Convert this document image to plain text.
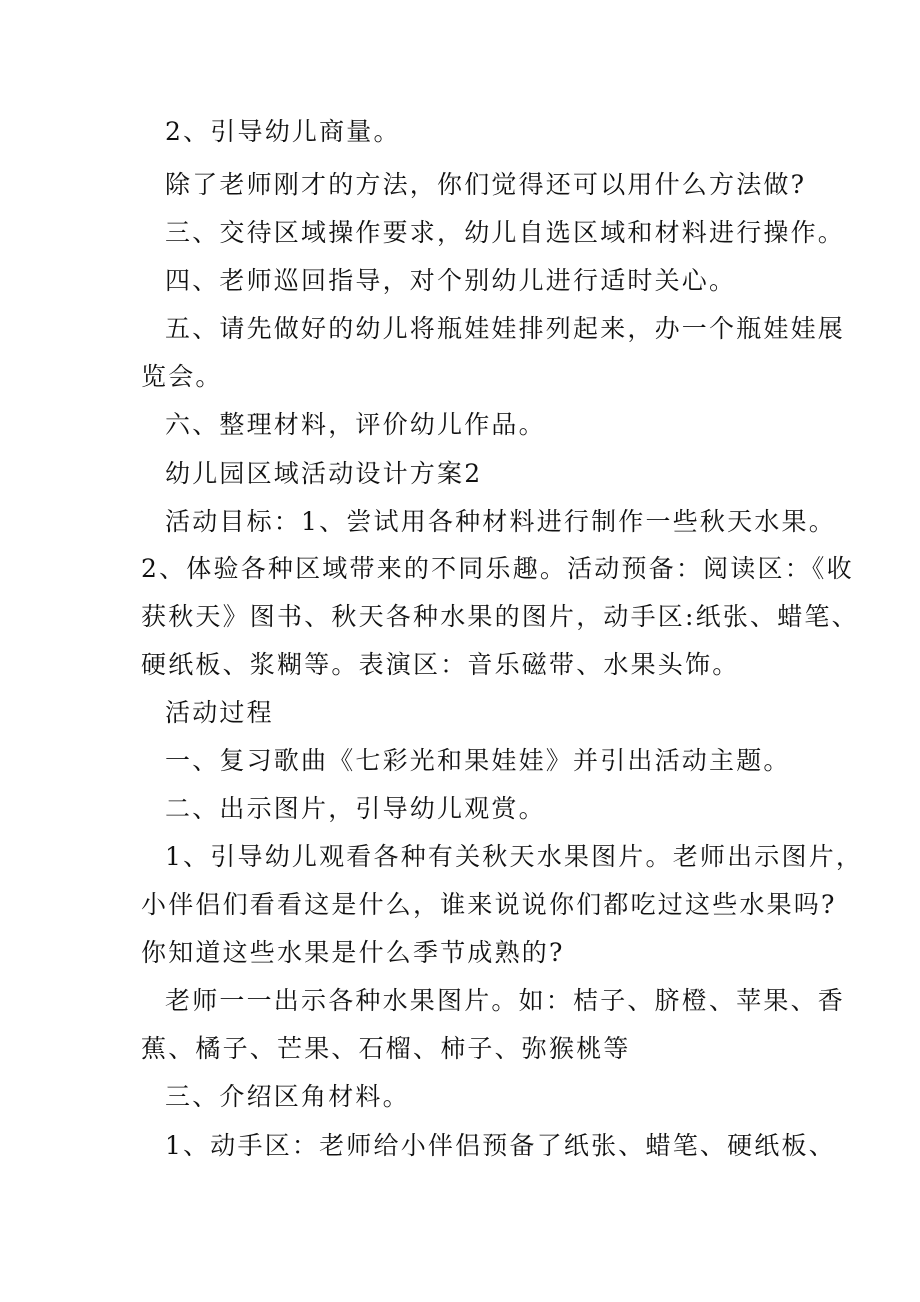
2、引导幼儿商量。
除了老师刚才的方法，你们觉得还可以用什么方法做?
三、交待区域操作要求，幼儿自选区域和材料进行操作。
四、老师巡回指导，对个别幼儿进行适时关心。
五、请先做好的幼儿将瓶娃娃排列起来，办一个瓶娃娃展
览会。
六、整理材料，评价幼儿作品。
幼儿园区域活动设计方案2
活动目标：1、尝试用各种材料进行制作一些秋天水果。
2、体验各种区域带来的不同乐趣。活动预备：阅读区：《收
获秋天》图书、秋天各种水果的图片，动手区:纸张、蜡笔、
硬纸板、浆糊等。表演区：音乐磁带、水果头饰。
活动过程
一、复习歌曲《七彩光和果娃娃》并引出活动主题。
二、出示图片，引导幼儿观赏。
1、引导幼儿观看各种有关秋天水果图片。老师出示图片，
小伴侣们看看这是什么，谁来说说你们都吃过这些水果吗?
你知道这些水果是什么季节成熟的?
老师一一出示各种水果图片。如：桔子、脐橙、苹果、香
蕉、橘子、芒果、石榴、柿子、弥猴桃等
三、介绍区角材料。
1、动手区：老师给小伴侣预备了纸张、蜡笔、硬纸板、
